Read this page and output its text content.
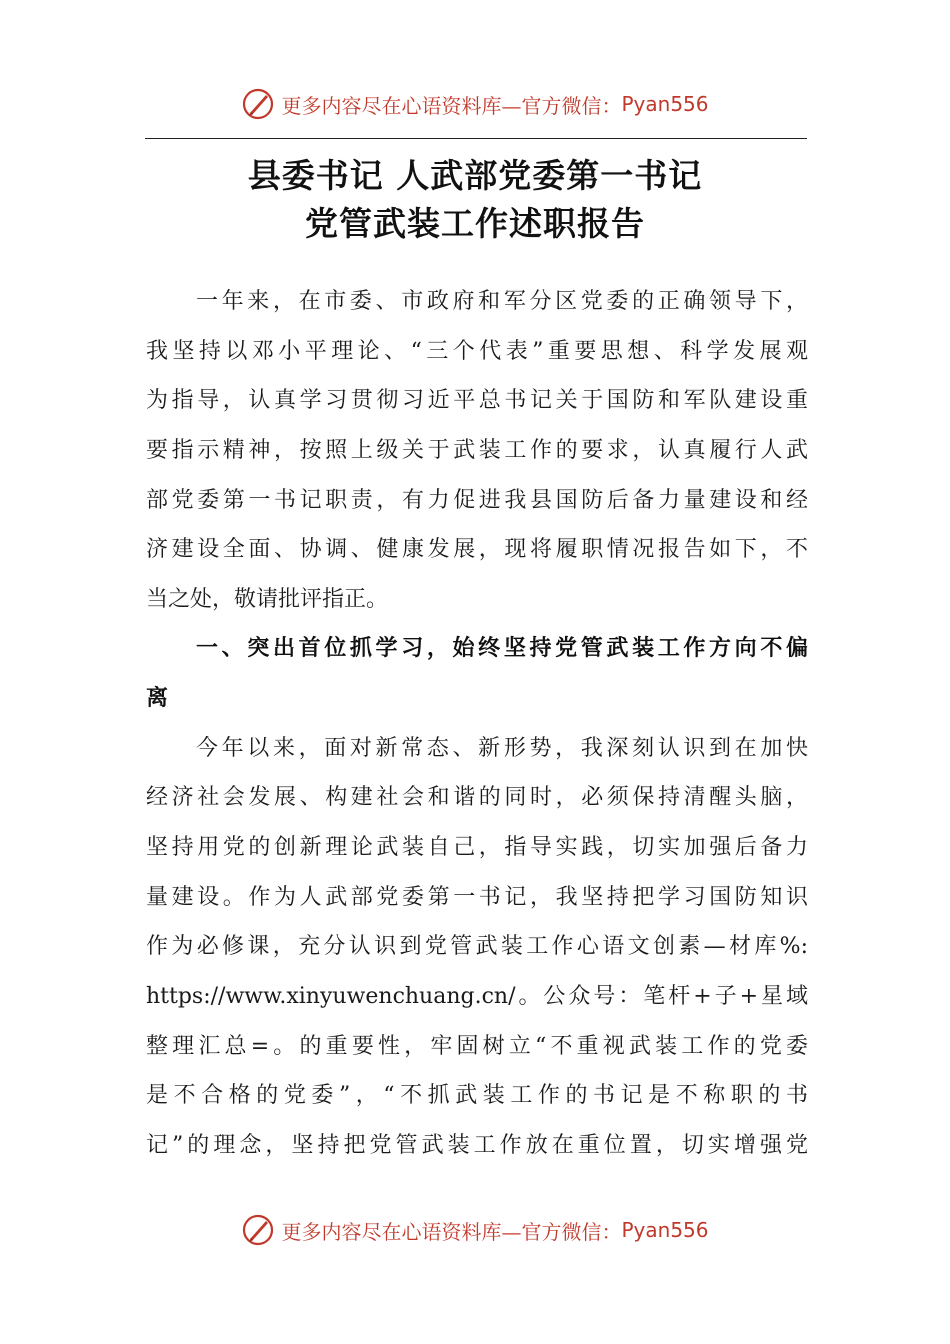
更多内容尽在心语资料库—官方微信： Pyan556
县委书记 人武部党委第一书记
党管武装工作述职报告
一年来，在市委、市政府和军分区党委的正确领导下，
我坚持以邓小平理论、“三个代表”重要思想、科学发展观
为指导，认真学习贯彻习近平总书记关于国防和军队建设重
要指示精神，按照上级关于武装工作的要求，认真履行人武
部党委第一书记职责，有力促进我县国防后备力量建设和经
济建设全面、协调、健康发展，现将履职情况报告如下，不
当之处，敬请批评指正。
一、突出首位抓学习，始终坚持党管武装工作方向不偏
离
今年以来，面对新常态、新形势，我深刻认识到在加快
经济社会发展、构建社会和谐的同时，必须保持清醒头脑，
坚持用党的创新理论武装自己，指导实践，切实加强后备力
量建设。作为人武部党委第一书记，我坚持把学习国防知识
作为必修课，充分认识到党管武装工作心语文创素—材库%:
https://www.xinyuwenchuang.cn/。公众号：笔杆+子+星域
整理汇总=。的重要性，牢固树立“不重视武装工作的党委
是不合格的党委”，“不抓武装工作的书记是不称职的书
记”的理念，坚持把党管武装工作放在重位置，切实增强党
更多内容尽在心语资料库—官方微信： Pyan556
